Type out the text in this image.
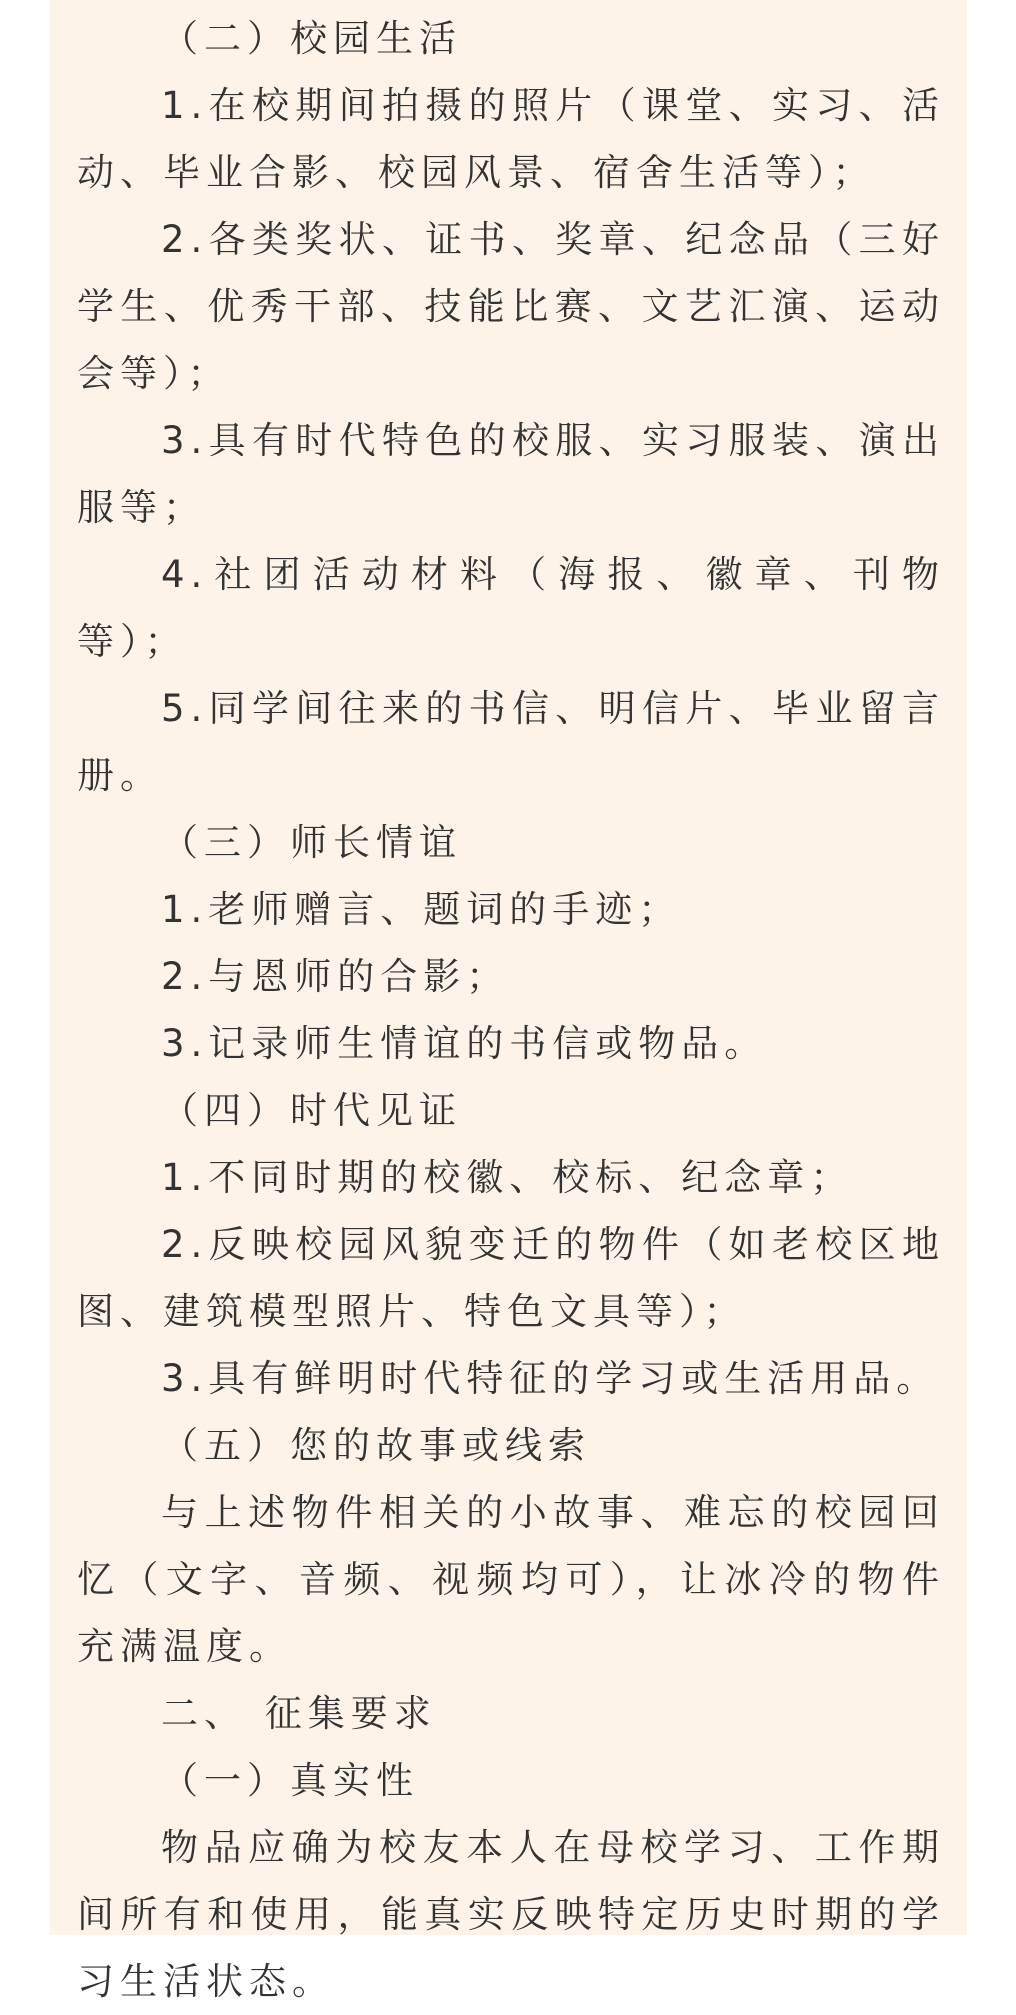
（二）校园生活

1.在校期间拍摄的照片（课堂、实习、活动、毕业合影、校园风景、宿舍生活等）；

2.各类奖状、证书、奖章、纪念品（三好学生、优秀干部、技能比赛、文艺汇演、运动会等）；

3.具有时代特色的校服、实习服装、演出服等；

4.社团活动材料（海报、徽章、刊物等）；

5.同学间往来的书信、明信片、毕业留言册。

（三）师长情谊

1.老师赠言、题词的手迹；

2.与恩师的合影；

3.记录师生情谊的书信或物品。

（四）时代见证

1.不同时期的校徽、校标、纪念章；

2.反映校园风貌变迁的物件（如老校区地图、建筑模型照片、特色文具等）；

3.具有鲜明时代特征的学习或生活用品。

（五）您的故事或线索

与上述物件相关的小故事、难忘的校园回忆（文字、音频、视频均可），让冰冷的物件充满温度。

二、 征集要求

（一）真实性

物品应确为校友本人在母校学习、工作期间所有和使用，能真实反映特定历史时期的学习生活状态。
